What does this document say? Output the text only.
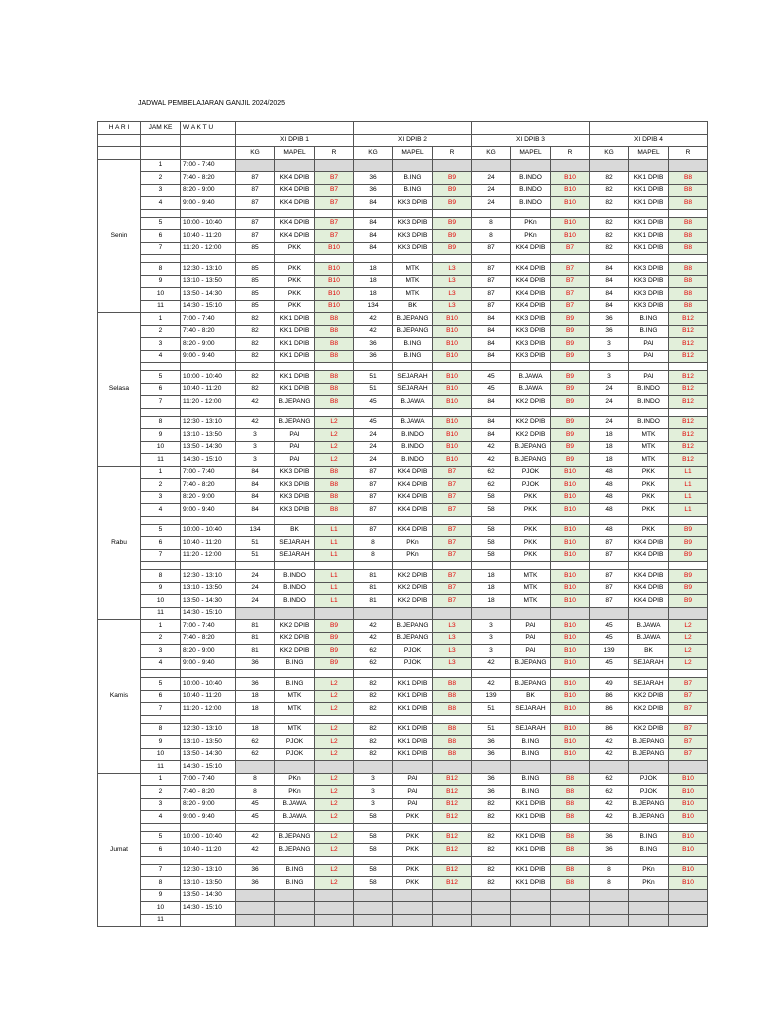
JADWAL PEMBELAJARAN GANJIL 2024/2025
H A R I	JAM KE	W A K T U												
			XI DPIB 1			XI DPIB 2			XI DPIB 3			XI DPIB 4		
			KG	MAPEL	R	KG	MAPEL	R	KG	MAPEL	R	KG	MAPEL	R
Senin	1	7:00 - 7:40												
	2	7:40 - 8:20	87	KK4 DPIB	B7	36	B.ING	B9	24	B.INDO	B10	82	KK1 DPIB	B8
	3	8:20 - 9:00	87	KK4 DPIB	B7	36	B.ING	B9	24	B.INDO	B10	82	KK1 DPIB	B8
	4	9:00 - 9:40	87	KK4 DPIB	B7	84	KK3 DPIB	B9	24	B.INDO	B10	82	KK1 DPIB	B8

	5	10:00 - 10:40	87	KK4 DPIB	B7	84	KK3 DPIB	B9	8	PKn	B10	82	KK1 DPIB	B8
	6	10:40 - 11:20	87	KK4 DPIB	B7	84	KK3 DPIB	B9	8	PKn	B10	82	KK1 DPIB	B8
	7	11:20 - 12:00	85	PKK	B10	84	KK3 DPIB	B9	87	KK4 DPIB	B7	82	KK1 DPIB	B8

	8	12:30 - 13:10	85	PKK	B10	18	MTK	L3	87	KK4 DPIB	B7	84	KK3 DPIB	B8
	9	13:10 - 13:50	85	PKK	B10	18	MTK	L3	87	KK4 DPIB	B7	84	KK3 DPIB	B8
	10	13:50 - 14:30	85	PKK	B10	18	MTK	L3	87	KK4 DPIB	B7	84	KK3 DPIB	B8
	11	14:30 - 15:10	85	PKK	B10	134	BK	L3	87	KK4 DPIB	B7	84	KK3 DPIB	B8
Selasa	1	7:00 - 7:40	82	KK1 DPIB	B8	42	B.JEPANG	B10	84	KK3 DPIB	B9	36	B.ING	B12
	2	7:40 - 8:20	82	KK1 DPIB	B8	42	B.JEPANG	B10	84	KK3 DPIB	B9	36	B.ING	B12
	3	8:20 - 9:00	82	KK1 DPIB	B8	36	B.ING	B10	84	KK3 DPIB	B9	3	PAI	B12
	4	9:00 - 9:40	82	KK1 DPIB	B8	36	B.ING	B10	84	KK3 DPIB	B9	3	PAI	B12

	5	10:00 - 10:40	82	KK1 DPIB	B8	51	SEJARAH	B10	45	B.JAWA	B9	3	PAI	B12
	6	10:40 - 11:20	82	KK1 DPIB	B8	51	SEJARAH	B10	45	B.JAWA	B9	24	B.INDO	B12
	7	11:20 - 12:00	42	B.JEPANG	B8	45	B.JAWA	B10	84	KK2 DPIB	B9	24	B.INDO	B12

	8	12:30 - 13:10	42	B.JEPANG	L2	45	B.JAWA	B10	84	KK2 DPIB	B9	24	B.INDO	B12
	9	13:10 - 13:50	3	PAI	L2	24	B.INDO	B10	84	KK2 DPIB	B9	18	MTK	B12
	10	13:50 - 14:30	3	PAI	L2	24	B.INDO	B10	42	B.JEPANG	B9	18	MTK	B12
	11	14:30 - 15:10	3	PAI	L2	24	B.INDO	B10	42	B.JEPANG	B9	18	MTK	B12
Rabu	1	7:00 - 7:40	84	KK3 DPIB	B8	87	KK4 DPIB	B7	62	PJOK	B10	48	PKK	L1
	2	7:40 - 8:20	84	KK3 DPIB	B8	87	KK4 DPIB	B7	62	PJOK	B10	48	PKK	L1
	3	8:20 - 9:00	84	KK3 DPIB	B8	87	KK4 DPIB	B7	58	PKK	B10	48	PKK	L1
	4	9:00 - 9:40	84	KK3 DPIB	B8	87	KK4 DPIB	B7	58	PKK	B10	48	PKK	L1

	5	10:00 - 10:40	134	BK	L1	87	KK4 DPIB	B7	58	PKK	B10	48	PKK	B9
	6	10:40 - 11:20	51	SEJARAH	L1	8	PKn	B7	58	PKK	B10	87	KK4 DPIB	B9
	7	11:20 - 12:00	51	SEJARAH	L1	8	PKn	B7	58	PKK	B10	87	KK4 DPIB	B9

	8	12:30 - 13:10	24	B.INDO	L1	81	KK2 DPIB	B7	18	MTK	B10	87	KK4 DPIB	B9
	9	13:10 - 13:50	24	B.INDO	L1	81	KK2 DPIB	B7	18	MTK	B10	87	KK4 DPIB	B9
	10	13:50 - 14:30	24	B.INDO	L1	81	KK2 DPIB	B7	18	MTK	B10	87	KK4 DPIB	B9
	11	14:30 - 15:10												
Kamis	1	7:00 - 7:40	81	KK2 DPIB	B9	42	B.JEPANG	L3	3	PAI	B10	45	B.JAWA	L2
	2	7:40 - 8:20	81	KK2 DPIB	B9	42	B.JEPANG	L3	3	PAI	B10	45	B.JAWA	L2
	3	8:20 - 9:00	81	KK2 DPIB	B9	62	PJOK	L3	3	PAI	B10	139	BK	L2
	4	9:00 - 9:40	36	B.ING	B9	62	PJOK	L3	42	B.JEPANG	B10	45	SEJARAH	L2

	5	10:00 - 10:40	36	B.ING	L2	82	KK1 DPIB	B8	42	B.JEPANG	B10	49	SEJARAH	B7
	6	10:40 - 11:20	18	MTK	L2	82	KK1 DPIB	B8	139	BK	B10	86	KK2 DPIB	B7
	7	11:20 - 12:00	18	MTK	L2	82	KK1 DPIB	B8	51	SEJARAH	B10	86	KK2 DPIB	B7

	8	12:30 - 13:10	18	MTK	L2	82	KK1 DPIB	B8	51	SEJARAH	B10	86	KK2 DPIB	B7
	9	13:10 - 13:50	62	PJOK	L2	82	KK1 DPIB	B8	36	B.ING	B10	42	B.JEPANG	B7
	10	13:50 - 14:30	62	PJOK	L2	82	KK1 DPIB	B8	36	B.ING	B10	42	B.JEPANG	B7
	11	14:30 - 15:10												
Jumat	1	7:00 - 7:40	8	PKn	L2	3	PAI	B12	36	B.ING	B8	62	PJOK	B10
	2	7:40 - 8:20	8	PKn	L2	3	PAI	B12	36	B.ING	B8	62	PJOK	B10
	3	8:20 - 9:00	45	B.JAWA	L2	3	PAI	B12	82	KK1 DPIB	B8	42	B.JEPANG	B10
	4	9:00 - 9:40	45	B.JAWA	L2	58	PKK	B12	82	KK1 DPIB	B8	42	B.JEPANG	B10

	5	10:00 - 10:40	42	B.JEPANG	L2	58	PKK	B12	82	KK1 DPIB	B8	36	B.ING	B10
	6	10:40 - 11:20	42	B.JEPANG	L2	58	PKK	B12	82	KK1 DPIB	B8	36	B.ING	B10

	7	12:30 - 13:10	36	B.ING	L2	58	PKK	B12	82	KK1 DPIB	B8	8	PKn	B10
	8	13:10 - 13:50	36	B.ING	L2	58	PKK	B12	82	KK1 DPIB	B8	8	PKn	B10
	9	13:50 - 14:30												
	10	14:30 - 15:10												
	11													
